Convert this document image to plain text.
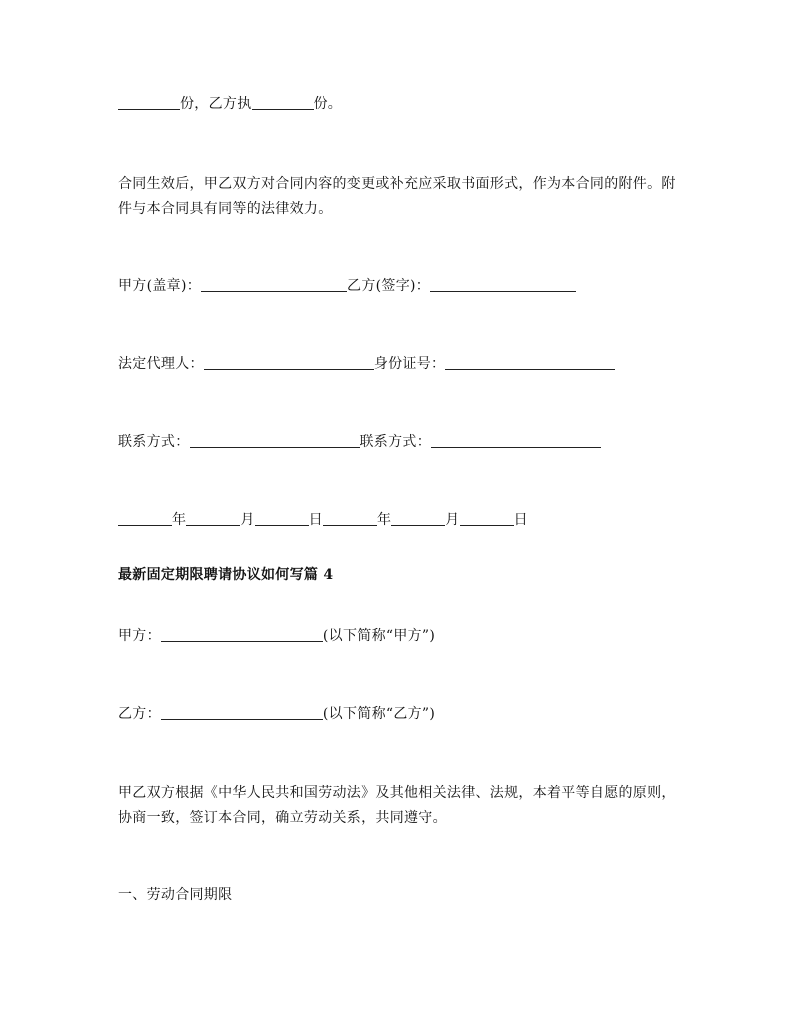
份，乙方执	份。
合同生效后，甲乙双方对合同内容的变更或补充应采取书面形式，作为本合同的附件。附件与本合同具有同等的法律效力。
甲方(盖章)：	乙方(签字)：
法定代理人：	身份证号：
联系方式：	联系方式：
年	月	日	年	月	日
最新固定期限聘请协议如何写篇 4
甲方：	(以下简称“甲方”)
乙方：	(以下简称“乙方”)
甲乙双方根据《中华人民共和国劳动法》及其他相关法律、法规，本着平等自愿的原则，协商一致，签订本合同，确立劳动关系，共同遵守。
一、劳动合同期限
